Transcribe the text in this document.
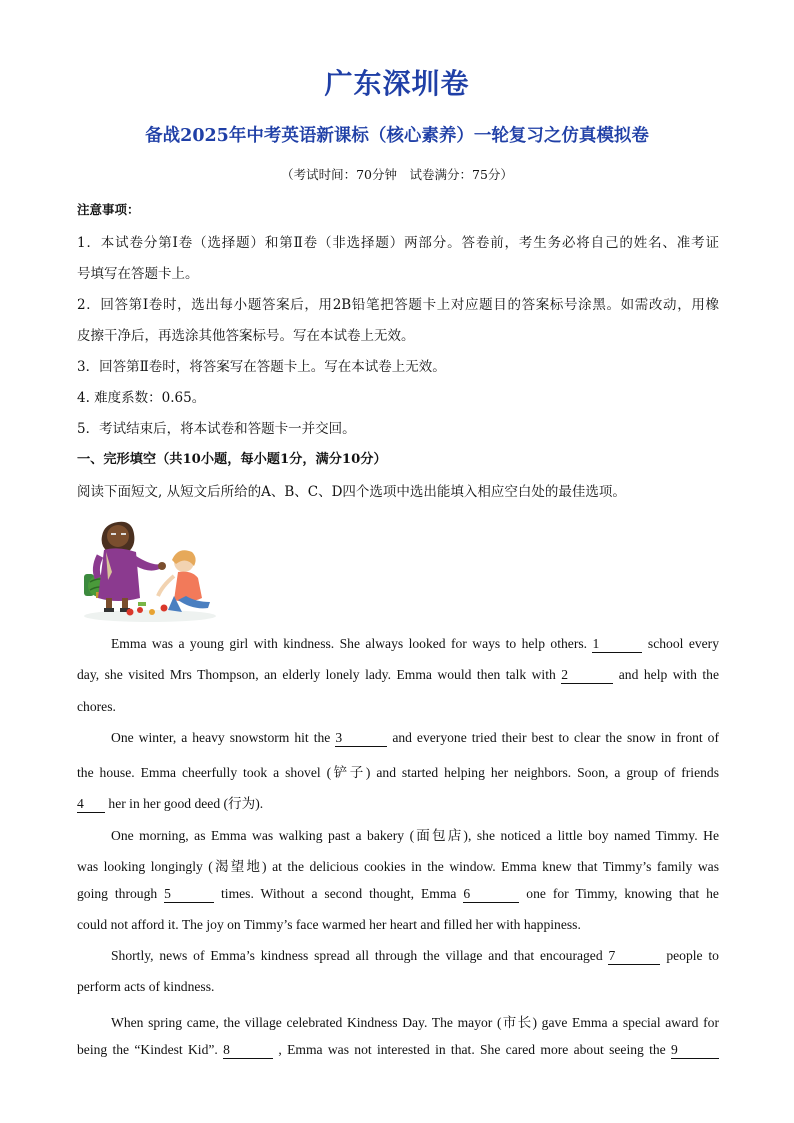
广东深圳卷
备战2025年中考英语新课标（核心素养）一轮复习之仿真模拟卷
（考试时间：70分钟　试卷满分：75分）
注意事项：
1．本试卷分第Ⅰ卷（选择题）和第Ⅱ卷（非选择题）两部分。答卷前，考生务必将自己的姓名、准考证
号填写在答题卡上。
2．回答第Ⅰ卷时，选出每小题答案后，用2B铅笔把答题卡上对应题目的答案标号涂黑。如需改动，用橡
皮擦干净后，再选涂其他答案标号。写在本试卷上无效。
3．回答第Ⅱ卷时，将答案写在答题卡上。写在本试卷上无效。
4. 难度系数：0.65。
5．考试结束后，将本试卷和答题卡一并交回。
一、完形填空（共10小题，每小题1分，满分10分）
阅读下面短文, 从短文后所给的A、B、C、D四个选项中选出能填入相应空白处的最佳选项。
Emma was a young girl with kindness. She always looked for ways to help others. 1	school every
day, she visited Mrs Thompson, an elderly lonely lady. Emma would then talk with 2	and help with the
chores.
One winter, a heavy snowstorm hit the 3	and everyone tried their best to clear the snow in front of
the house. Emma cheerfully took a shovel (铲子) and started helping her neighbors. Soon, a group of friends
4 her in her good deed (行为).
One morning, as Emma was walking past a bakery (面包店), she noticed a little boy named Timmy. He
was looking longingly (渴望地) at the delicious cookies in the window. Emma knew that Timmy’s family was
going through 5	times. Without a second thought, Emma 6	one for Timmy, knowing that he
could not afford it. The joy on Timmy’s face warmed her heart and filled her with happiness.
Shortly, news of Emma’s kindness spread all through the village and that encouraged 7	people to
perform acts of kindness.
When spring came, the village celebrated Kindness Day. The mayor (市长) gave Emma a special award for
being the “Kindest Kid”. 8	, Emma was not interested in that. She cared more about seeing the 9
